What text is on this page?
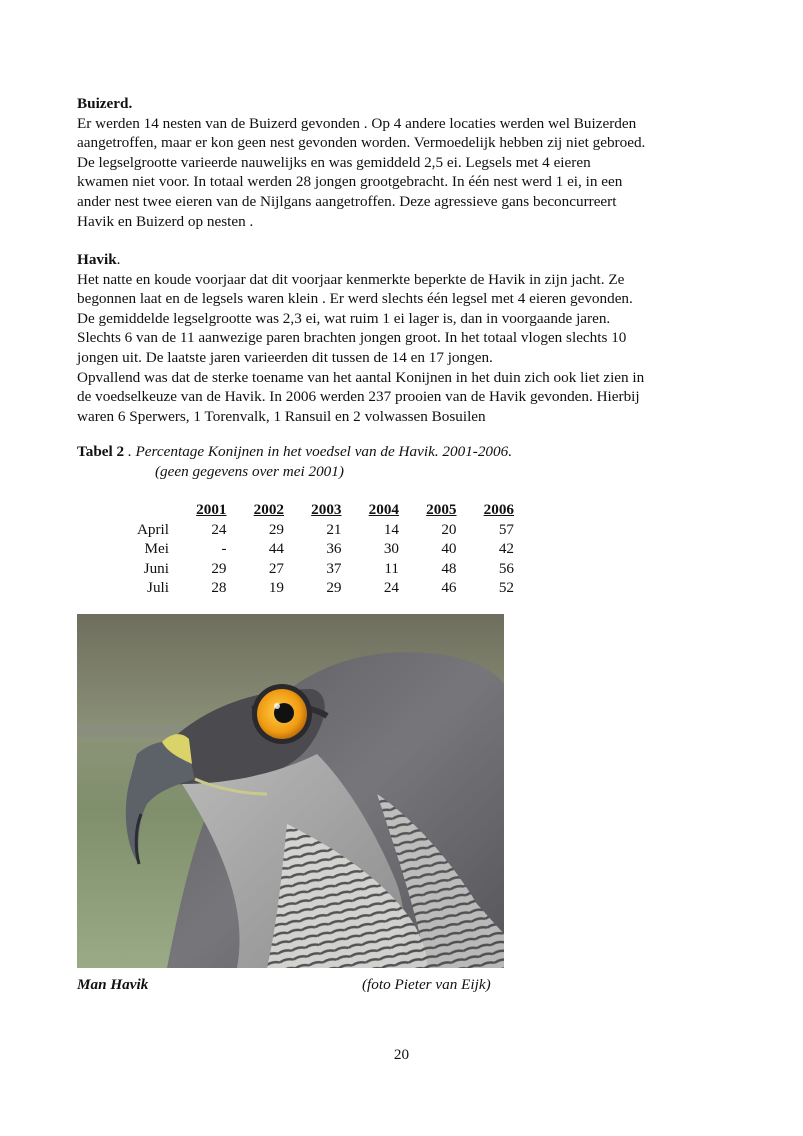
Buizerd.
Er werden 14 nesten van de Buizerd gevonden . Op 4 andere locaties werden wel Buizerden
aangetroffen, maar er kon geen nest gevonden worden. Vermoedelijk hebben zij niet gebroed.
De legselgrootte varieerde nauwelijks en was gemiddeld 2,5 ei. Legsels met 4 eieren
kwamen niet voor. In totaal werden 28 jongen grootgebracht. In één nest werd 1 ei, in een
ander nest twee eieren van de Nijlgans aangetroffen. Deze agressieve gans beconcurreert
Havik en Buizerd op nesten .
Havik.
Het natte en koude voorjaar dat dit voorjaar kenmerkte beperkte de Havik in zijn jacht. Ze
begonnen laat en de legsels waren klein . Er werd slechts één legsel met 4 eieren gevonden.
De gemiddelde legselgrootte was 2,3 ei, wat ruim 1 ei lager is, dan in voorgaande jaren.
Slechts 6 van de 11 aanwezige paren brachten jongen groot. In het totaal vlogen slechts 10
jongen uit. De laatste jaren varieerden dit tussen de 14 en 17 jongen.
Opvallend was dat de sterke toename van het aantal Konijnen in het duin zich ook liet zien in
de voedselkeuze van de Havik. In 2006 werden 237 prooien van de Havik gevonden. Hierbij
waren 6 Sperwers, 1 Torenvalk, 1 Ransuil en 2 volwassen Bosuilen
Tabel 2 . Percentage Konijnen in het voedsel van de Havik. 2001-2006.
(geen gegevens over mei 2001)
	2001	2002	2003	2004	2005	2006
April	24	29	21	14	20	57
Mei	-	44	36	30	40	42
Juni	29	27	37	11	48	56
Juli	28	19	29	24	46	52
Man Havik	(foto Pieter van Eijk)
20
